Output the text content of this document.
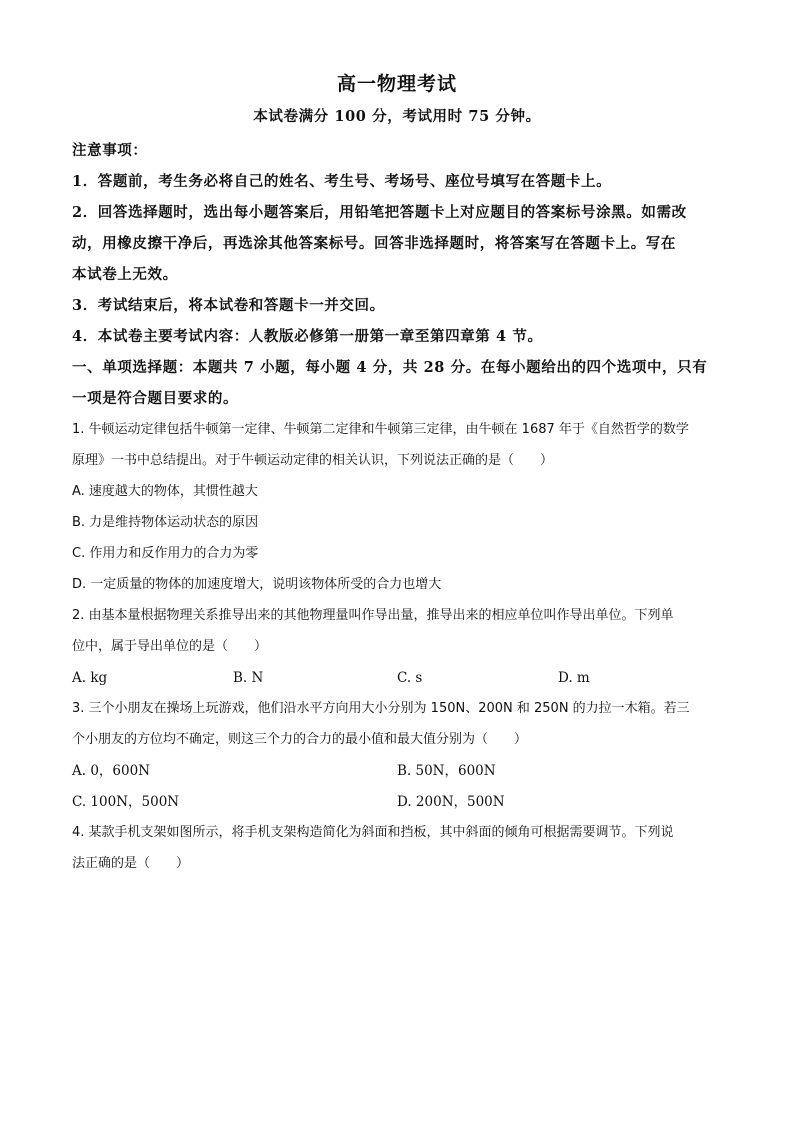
高一物理考试
本试卷满分 100 分，考试用时 75 分钟。
注意事项：
1．答题前，考生务必将自己的姓名、考生号、考场号、座位号填写在答题卡上。
2．回答选择题时，选出每小题答案后，用铅笔把答题卡上对应题目的答案标号涂黑。如需改
动，用橡皮擦干净后，再选涂其他答案标号。回答非选择题时，将答案写在答题卡上。写在
本试卷上无效。
3．考试结束后，将本试卷和答题卡一并交回。
4．本试卷主要考试内容：人教版必修第一册第一章至第四章第 4 节。
一、单项选择题：本题共 7 小题，每小题 4 分，共 28 分。在每小题给出的四个选项中，只有
一项是符合题目要求的。
1. 牛顿运动定律包括牛顿第一定律、牛顿第二定律和牛顿第三定律，由牛顿在 1687 年于《自然哲学的数学
原理》一书中总结提出。对于牛顿运动定律的相关认识，下列说法正确的是（　　）
A. 速度越大的物体，其惯性越大
B. 力是维持物体运动状态的原因
C. 作用力和反作用力的合力为零
D. 一定质量的物体的加速度增大，说明该物体所受的合力也增大
2. 由基本量根据物理关系推导出来的其他物理量叫作导出量，推导出来的相应单位叫作导出单位。下列单
位中，属于导出单位的是（　　）
A. kg	B. N	C. s	D. m
3. 三个小朋友在操场上玩游戏，他们沿水平方向用大小分别为 150N、200N 和 250N 的力拉一木箱。若三
个小朋友的方位均不确定，则这三个力的合力的最小值和最大值分别为（　　）
A. 0，600N	B. 50N，600N
C. 100N，500N	D. 200N，500N
4. 某款手机支架如图所示，将手机支架构造简化为斜面和挡板，其中斜面的倾角可根据需要调节。下列说
法正确的是（　　）
